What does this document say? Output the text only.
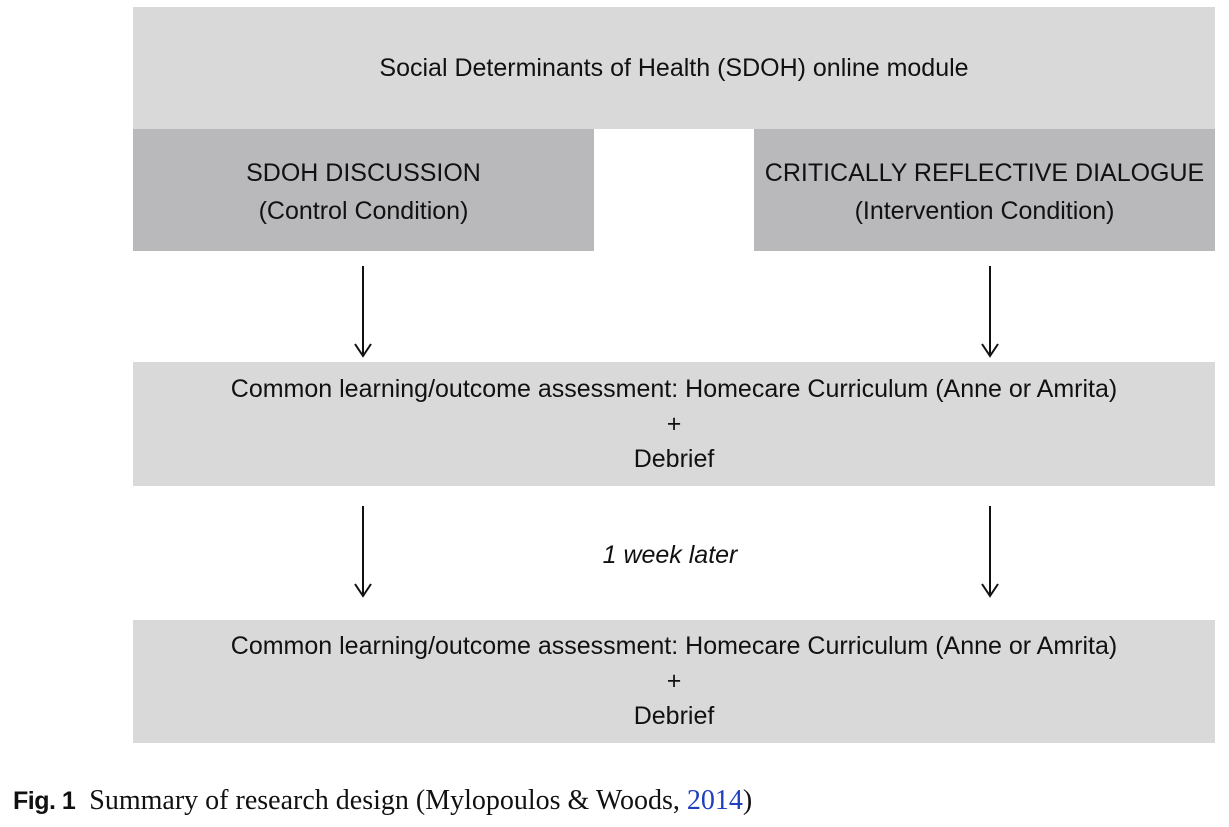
Social Determinants of Health (SDOH) online module
SDOH DISCUSSION
(Control Condition)
CRITICALLY REFLECTIVE DIALOGUE
(Intervention Condition)
Common learning/outcome assessment: Homecare Curriculum (Anne or Amrita)
+
Debrief
1 week later
Common learning/outcome assessment: Homecare Curriculum (Anne or Amrita)
+
Debrief
Fig. 1 Summary of research design (Mylopoulos & Woods, 2014)
